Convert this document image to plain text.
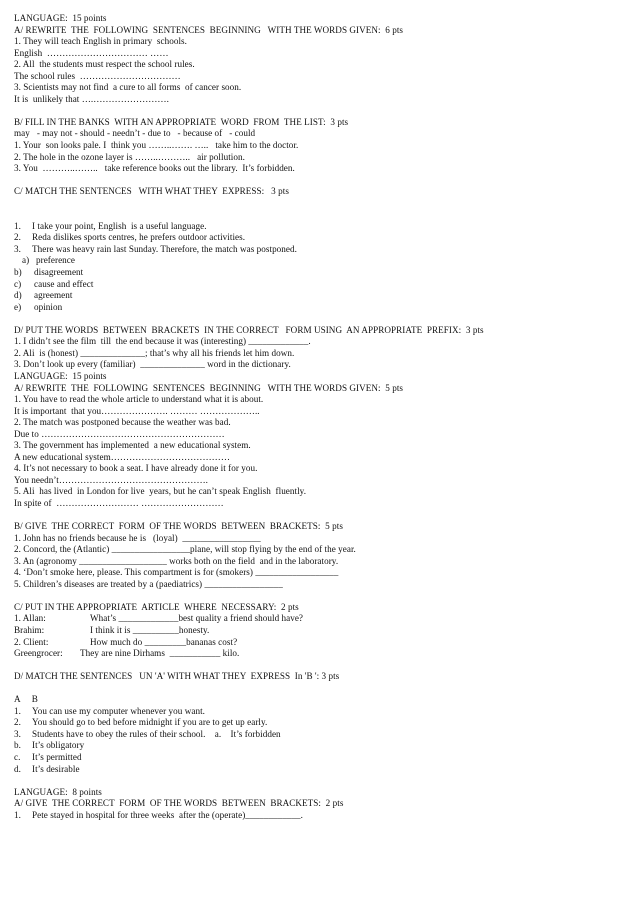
LANGUAGE:  15 points
A/ REWRITE  THE  FOLLOWING  SENTENCES  BEGINNING   WITH THE WORDS GIVEN:  6 pts
1. They will teach English in primary  schools.
English  …………………………… ……
2. All  the students must respect the school rules.
The school rules  ……………………………
3. Scientists may not find  a cure to all forms  of cancer soon.
It is  unlikely that ….…………………….
B/ FILL IN THE BANKS  WITH AN APPROPRIATE  WORD  FROM  THE LIST:  3 pts
may   - may not - should - needn’t - due to   - because of   - could
1. Your  son looks pale. I  think you ……..……. …..   take him to the doctor.
2. The hole in the ozone layer is ……..………..   air pollution.
3. You  ………..……..   take reference books out the library.  It’s forbidden.
C/ MATCH THE SENTENCES   WITH WHAT THEY  EXPRESS:   3 pts
1. I take your point, English  is a useful language.
2. Reda dislikes sports centres, he prefers outdoor activities.
3. There was heavy rain last Sunday. Therefore, the match was postponed.
a) preference
b) disagreement
c) cause and effect
d) agreement
e) opinion
D/ PUT THE WORDS  BETWEEN  BRACKETS  IN THE CORRECT   FORM USING  AN APPROPRIATE  PREFIX:  3 pts
1. I didn’t see the film  till  the end because it was (interesting) _____________.
2. Ali  is (honest) ______________; that’s why all his friends let him down.
3. Don’t look up every (familiar)  ______________ word in the dictionary.
LANGUAGE:  15 points
A/ REWRITE  THE  FOLLOWING  SENTENCES  BEGINNING   WITH THE WORDS GIVEN:  5 pts
1. You have to read the whole article to understand what it is about.
It is important  that you…………………. ……… ………………..
2. The match was postponed because the weather was bad.
Due to ……………………………………………………
3. The government has implemented  a new educational system.
A new educational system…………………………………
4. It’s not necessary to book a seat. I have already done it for you.
You needn’t………………………………………….
5. Ali  has lived  in London for live  years, but he can’t speak English  fluently.
In spite of  ……………………… ………………………
B/ GIVE  THE CORRECT  FORM  OF THE WORDS  BETWEEN  BRACKETS:  5 pts
1. John has no friends because he is   (loyal)  _________________
2. Concord, the (Atlantic) _________________plane, will stop flying by the end of the year.
3. An (agronomy ___________________ works both on the field  and in the laboratory.
4. ‘Don’t smoke here, please. This compartment is for (smokers) __________________
5. Children’s diseases are treated by a (paediatrics) _________________
C/ PUT IN THE APPROPRIATE  ARTICLE  WHERE  NECESSARY:  2 pts
1. Allan:	What’s _____________best quality a friend should have?
Brahim:	I think it is __________honesty.
2. Client:	How much do _________bananas cost?
Greengrocer: They are nine Dirhams  ___________ kilo.
D/ MATCH THE SENTENCES   UN 'A' WITH WHAT THEY  EXPRESS  In 'B ': 3 pts
A     B
1. You can use my computer whenever you want.
2. You should go to bed before midnight if you are to get up early.
3. Students have to obey the rules of their school.    a.    It’s forbidden
b. It’s obligatory
c. It’s permitted
d. It’s desirable
LANGUAGE:  8 points
A/ GIVE  THE CORRECT  FORM  OF THE WORDS  BETWEEN  BRACKETS:  2 pts
1. Pete stayed in hospital for three weeks  after the (operate)____________.
